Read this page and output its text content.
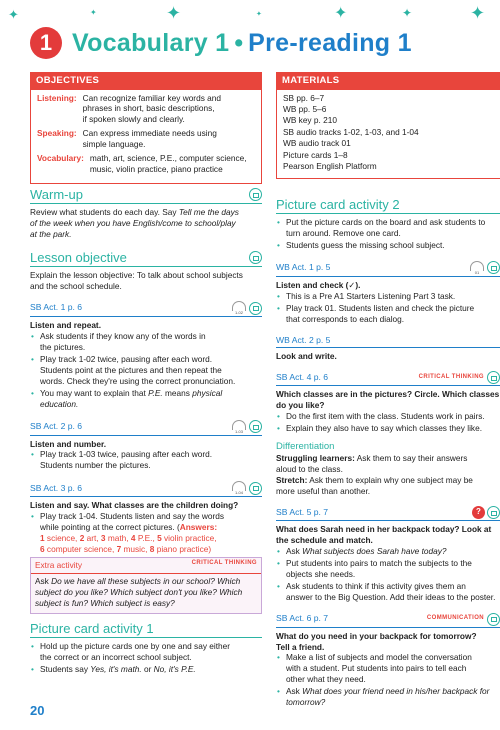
✦	✦	✦	✦	✦	✦	✦
1 Vocabulary 1 • Pre-reading 1
OBJECTIVES
Listening: Can recognize familiar key words and
phrases in short, basic descriptions,
if spoken slowly and clearly.
Speaking: Can express immediate needs using
simple language.
Vocabulary: math, art, science, P.E., computer science,
music, violin practice, piano practice
MATERIALS
SB pp. 6–7
WB pp. 5–6
WB key p. 210
SB audio tracks 1-02, 1-03, and 1-04
WB audio track 01
Picture cards 1–8
Pearson English Platform
Warm-up
Review what students do each day. Say Tell me the days
of the week when you have English/come to school/play
at the park.
Lesson objective
Explain the lesson objective: To talk about school subjects
and the school schedule.
SB Act. 1 p. 6
1-02
Listen and repeat.
• Ask students if they know any of the words in
the pictures.
• Play track 1-02 twice, pausing after each word.
Students point at the pictures and then repeat the
words. Check they're using the correct pronunciation.
• You may want to explain that P.E. means physical
education.
SB Act. 2 p. 6
1-03
Listen and number.
• Play track 1-03 twice, pausing after each word.
Students number the pictures.
SB Act. 3 p. 6
1-04
Listen and say. What classes are the children doing?
• Play track 1-04. Students listen and say the words
while pointing at the correct pictures. (Answers:
1 science, 2 art, 3 math, 4 P.E., 5 violin practice,
6 computer science, 7 music, 8 piano practice)
Extra activity	CRITICAL THINKING
Ask Do we have all these subjects in our school? Which
subject do you like? Which subject don't you like? Which
subject is fun? Which subject is easy?
Picture card activity 1
• Hold up the picture cards one by one and say either
the correct or an incorrect school subject.
• Students say Yes, it's math. or No, it's P.E.
Picture card activity 2
• Put the picture cards on the board and ask students to
turn around. Remove one card.
• Students guess the missing school subject.
WB Act. 1 p. 5
01
Listen and check (✓).
• This is a Pre A1 Starters Listening Part 3 task.
• Play track 01. Students listen and check the picture
that corresponds to each dialog.
WB Act. 2 p. 5
Look and write.
SB Act. 4 p. 6	CRITICAL THINKING
Which classes are in the pictures? Circle. Which classes
do you like?
• Do the first item with the class. Students work in pairs.
• Explain they also have to say which classes they like.
Differentiation
Struggling learners: Ask them to say their answers
aloud to the class.
Stretch: Ask them to explain why one subject may be
more useful than another.
SB Act. 5 p. 7	?
What does Sarah need in her backpack today? Look at
the schedule and match.
• Ask What subjects does Sarah have today?
• Put students into pairs to match the subjects to the
objects she needs.
• Ask students to think if this activity gives them an
answer to the Big Question. Add their ideas to the poster.
SB Act. 6 p. 7	COMMUNICATION
What do you need in your backpack for tomorrow?
Tell a friend.
• Make a list of subjects and model the conversation
with a student. Put students into pairs to tell each
other what they need.
• Ask What does your friend need in his/her backpack for
tomorrow?
20
